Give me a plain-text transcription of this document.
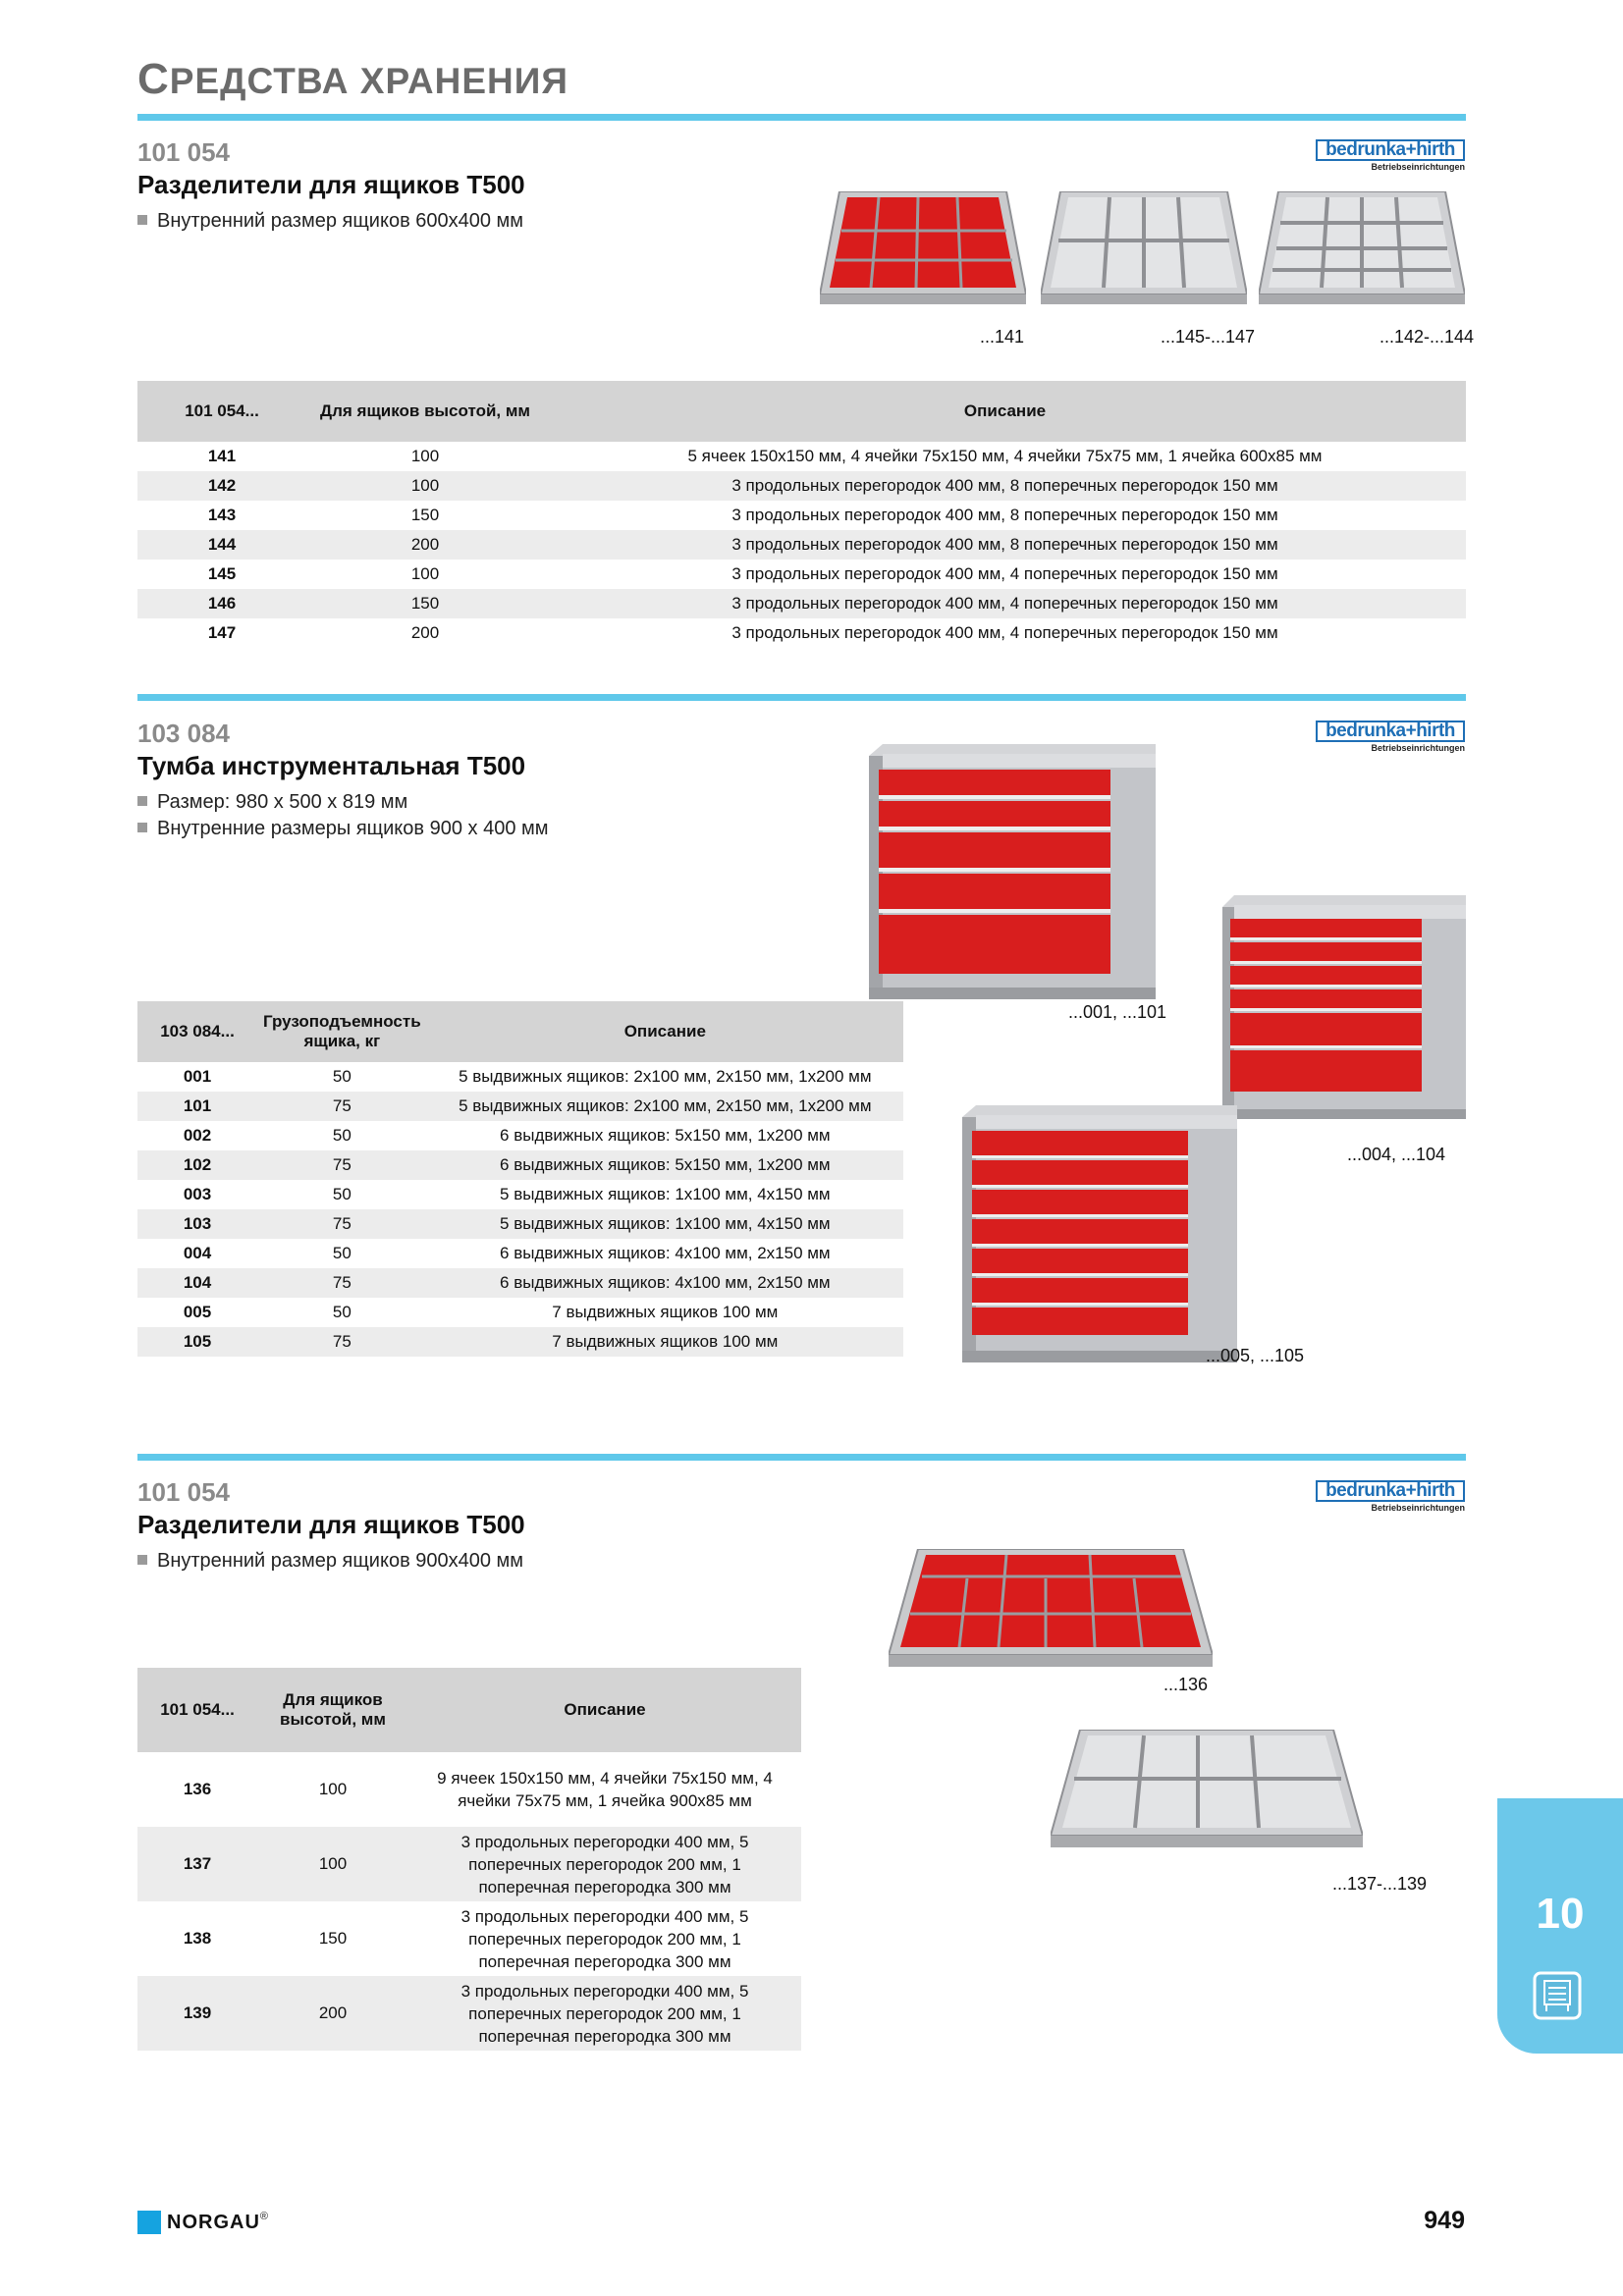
СРЕДСТВА ХРАНЕНИЯ
101 054
Разделители для ящиков T500
Внутренний размер ящиков 600x400 мм
bedrunka+hirth
Betriebseinrichtungen
...141	...145-...147	...142-...144
101 054...	Для ящиков высотой, мм	Описание
141	100	5 ячеек 150x150 мм, 4 ячейки 75x150 мм, 4 ячейки 75x75 мм, 1 ячейка 600x85 мм
142	100	3 продольных перегородок 400 мм, 8 поперечных перегородок 150 мм
143	150	3 продольных перегородок 400 мм, 8 поперечных перегородок 150 мм
144	200	3 продольных перегородок 400 мм, 8 поперечных перегородок 150 мм
145	100	3 продольных перегородок 400 мм, 4 поперечных перегородок 150 мм
146	150	3 продольных перегородок 400 мм, 4 поперечных перегородок 150 мм
147	200	3 продольных перегородок 400 мм, 4 поперечных перегородок 150 мм
103 084
Тумба инструментальная T500
Размер: 980 x 500 x 819 мм
Внутренние размеры ящиков 900 x 400 мм
bedrunka+hirth
Betriebseinrichtungen
...001, ...101
...004, ...104
...005, ...105
103 084...	Грузоподъемность ящика, кг	Описание
001	50	5 выдвижных ящиков: 2x100 мм, 2x150 мм, 1x200 мм
101	75	5 выдвижных ящиков: 2x100 мм, 2x150 мм, 1x200 мм
002	50	6 выдвижных ящиков: 5x150 мм, 1x200 мм
102	75	6 выдвижных ящиков: 5x150 мм, 1x200 мм
003	50	5 выдвижных ящиков: 1x100 мм, 4x150 мм
103	75	5 выдвижных ящиков: 1x100 мм, 4x150 мм
004	50	6 выдвижных ящиков: 4x100 мм, 2x150 мм
104	75	6 выдвижных ящиков: 4x100 мм, 2x150 мм
005	50	7 выдвижных ящиков 100 мм
105	75	7 выдвижных ящиков 100 мм
101 054
Разделители для ящиков T500
Внутренний размер ящиков 900x400 мм
bedrunka+hirth
Betriebseinrichtungen
...136
...137-...139
101 054...	Для ящиков высотой, мм	Описание
136	100	9 ячеек 150x150 мм, 4 ячейки 75x150 мм, 4 ячейки 75x75 мм, 1 ячейка 900x85 мм
137	100	3 продольных перегородки 400 мм, 5 поперечных перегородок 200 мм, 1 поперечная перегородка 300 мм
138	150	3 продольных перегородки 400 мм, 5 поперечных перегородок 200 мм, 1 поперечная перегородка 300 мм
139	200	3 продольных перегородки 400 мм, 5 поперечных перегородок 200 мм, 1 поперечная перегородка 300 мм
10
NORGAU®	949
